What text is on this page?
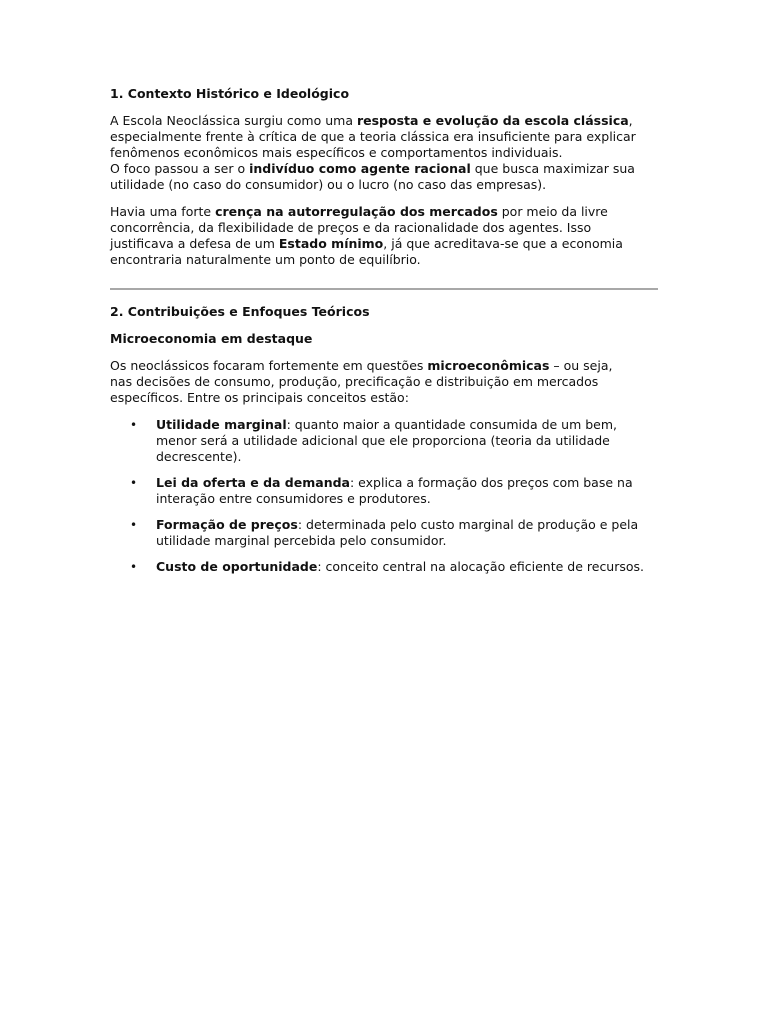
1. Contexto Histórico e Ideológico

A Escola Neoclássica surgiu como uma resposta e evolução da escola clássica,
especialmente frente à crítica de que a teoria clássica era insuficiente para explicar
fenômenos econômicos mais específicos e comportamentos individuais.
O foco passou a ser o indivíduo como agente racional que busca maximizar sua
utilidade (no caso do consumidor) ou o lucro (no caso das empresas).

Havia uma forte crença na autorregulação dos mercados por meio da livre
concorrência, da flexibilidade de preços e da racionalidade dos agentes. Isso
justificava a defesa de um Estado mínimo, já que acreditava-se que a economia
encontraria naturalmente um ponto de equilíbrio.

2. Contribuições e Enfoques Teóricos
Microeconomia em destaque

Os neoclássicos focaram fortemente em questões microeconômicas – ou seja,
nas decisões de consumo, produção, precificação e distribuição em mercados
específicos. Entre os principais conceitos estão:

• Utilidade marginal: quanto maior a quantidade consumida de um bem,
menor será a utilidade adicional que ele proporciona (teoria da utilidade
decrescente).
• Lei da oferta e da demanda: explica a formação dos preços com base na
interação entre consumidores e produtores.
• Formação de preços: determinada pelo custo marginal de produção e pela
utilidade marginal percebida pelo consumidor.
• Custo de oportunidade: conceito central na alocação eficiente de recursos.
